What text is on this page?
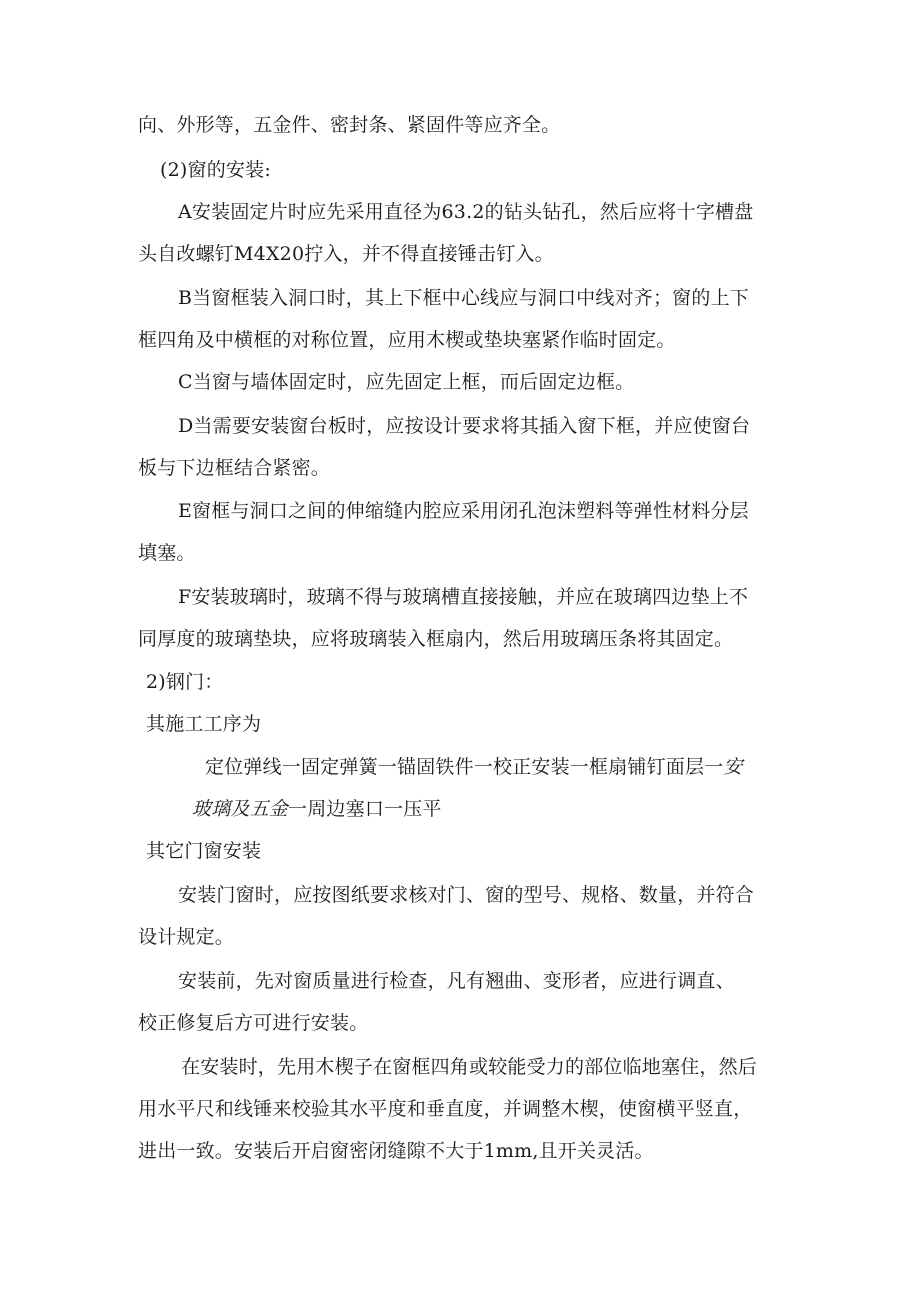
向、外形等，五金件、密封条、紧固件等应齐全。
(2)窗的安装:
A安装固定片时应先采用直径为63.2的钻头钻孔，然后应将十字槽盘
头自改螺钉M4X20拧入，并不得直接锤击钉入。
B当窗框装入洞口时，其上下框中心线应与洞口中线对齐；窗的上下
框四角及中横框的对称位置，应用木楔或垫块塞紧作临时固定。
C当窗与墙体固定时，应先固定上框，而后固定边框。
D当需要安装窗台板时，应按设计要求将其插入窗下框，并应使窗台
板与下边框结合紧密。
E窗框与洞口之间的伸缩缝内腔应采用闭孔泡沫塑料等弹性材料分层
填塞。
F安装玻璃时，玻璃不得与玻璃槽直接接触，并应在玻璃四边垫上不
同厚度的玻璃垫块，应将玻璃装入框扇内，然后用玻璃压条将其固定。
2)钢门：
其施工工序为
定位弹线一固定弹簧一锚固铁件一校正安装一框扇铺钉面层一安
玻璃及五金一周边塞口一压平
其它门窗安装
安装门窗时，应按图纸要求核对门、窗的型号、规格、数量，并符合
设计规定。
安装前，先对窗质量进行检查，凡有翘曲、变形者，应进行调直、
校正修复后方可进行安装。
在安装时，先用木楔子在窗框四角或较能受力的部位临地塞住，然后
用水平尺和线锤来校验其水平度和垂直度，并调整木楔，使窗横平竖直，
进出一致。安装后开启窗密闭缝隙不大于1mm,且开关灵活。
